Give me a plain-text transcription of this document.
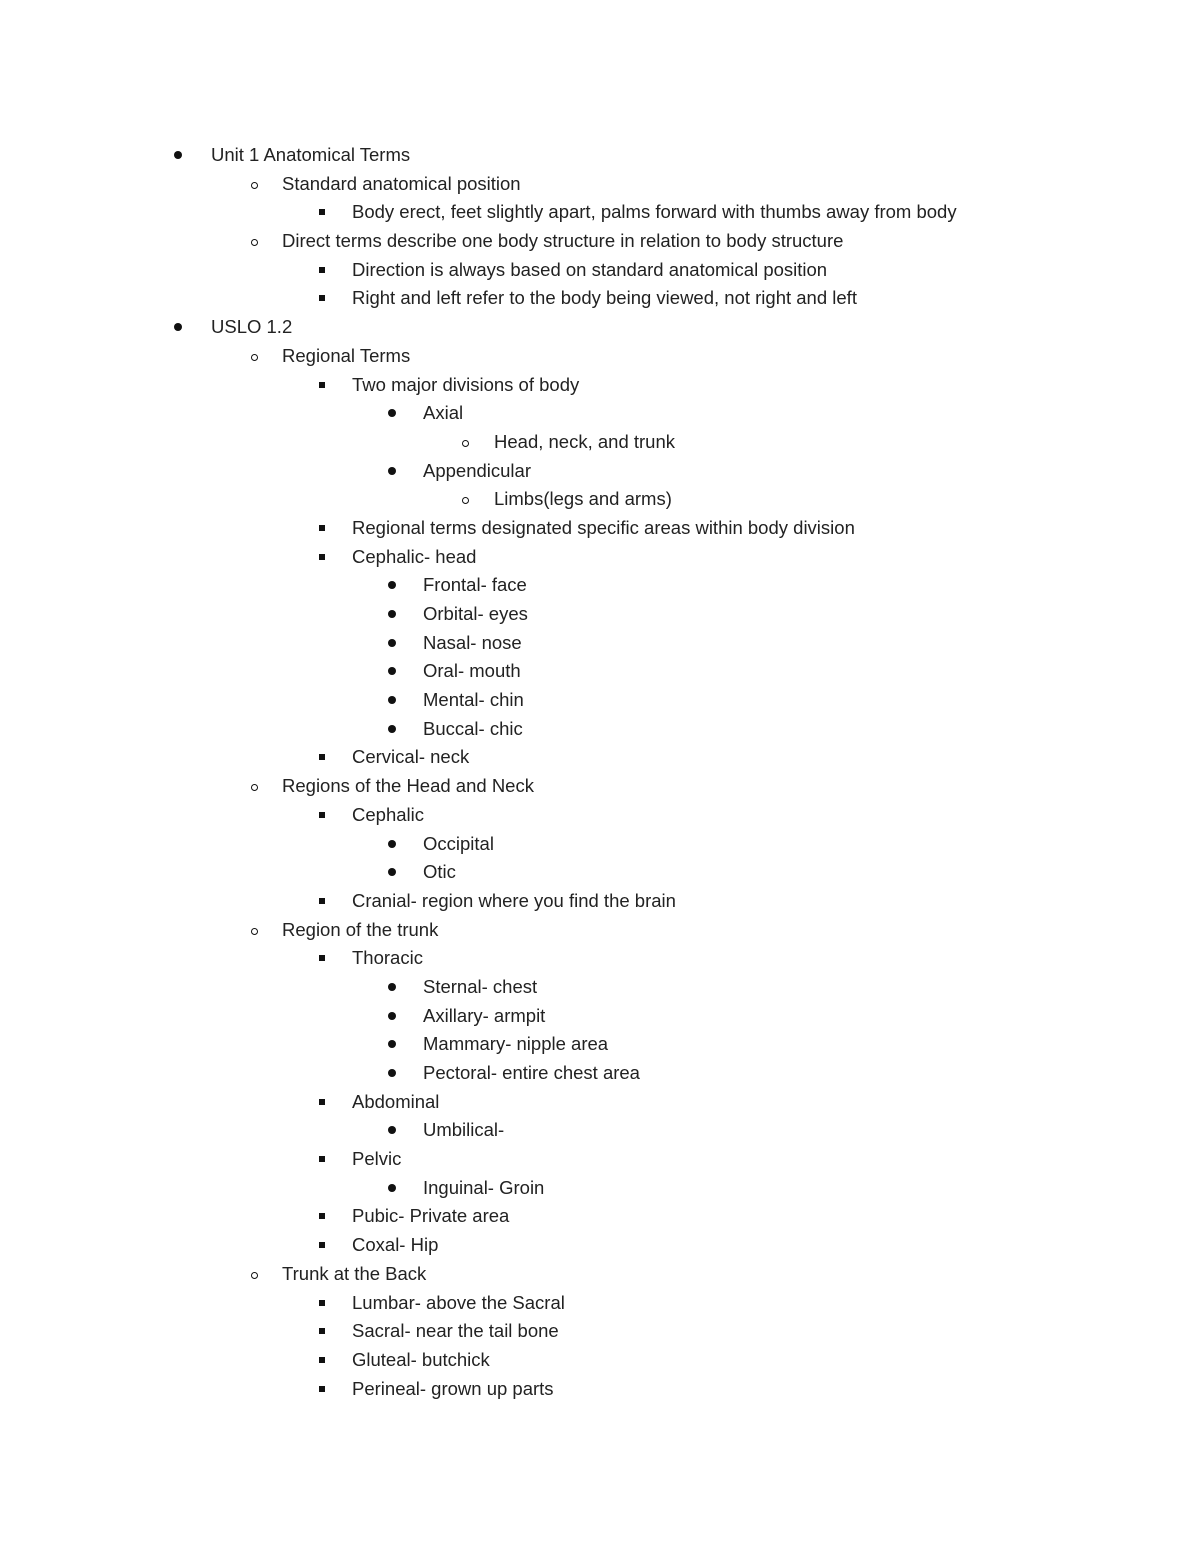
Unit 1 Anatomical Terms
Standard anatomical position
Body erect, feet slightly apart, palms forward with thumbs away from body
Direct terms describe one body structure in relation to body structure
Direction is always based on standard anatomical position
Right and left refer to the body being viewed, not right and left
USLO 1.2
Regional Terms
Two major divisions of body
Axial
Head, neck, and trunk
Appendicular
Limbs(legs and arms)
Regional terms designated specific areas within body division
Cephalic- head
Frontal- face
Orbital- eyes
Nasal- nose
Oral- mouth
Mental- chin
Buccal- chic
Cervical- neck
Regions of the Head and Neck
Cephalic
Occipital
Otic
Cranial- region where you find the brain
Region of the trunk
Thoracic
Sternal- chest
Axillary- armpit
Mammary- nipple area
Pectoral- entire chest area
Abdominal
Umbilical-
Pelvic
Inguinal- Groin
Pubic- Private area
Coxal- Hip
Trunk at the Back
Lumbar- above the Sacral
Sacral- near the tail bone
Gluteal- butchick
Perineal- grown up parts
